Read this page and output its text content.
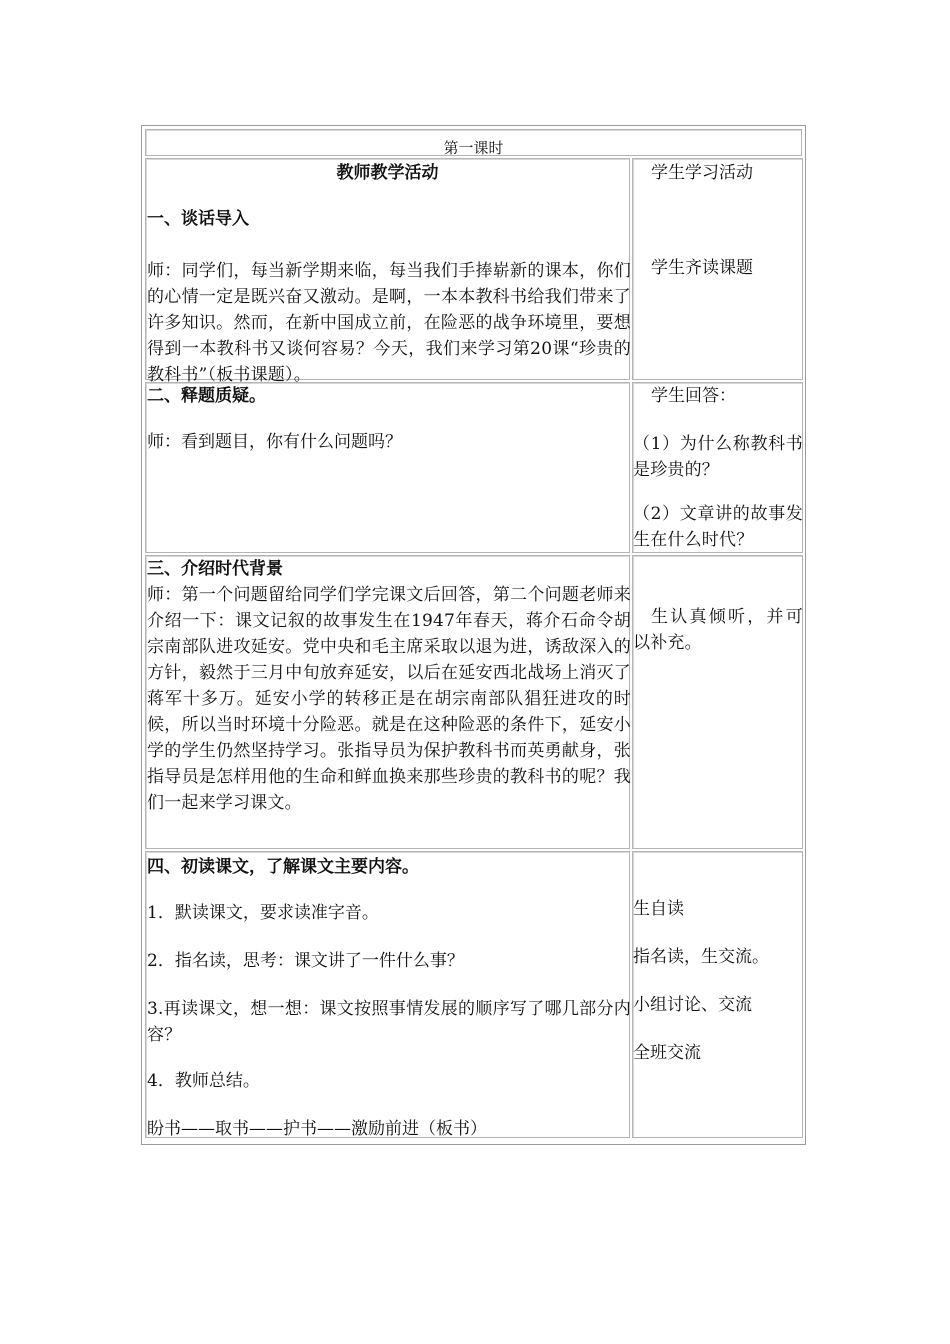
第一课时
教师教学活动
一、谈话导入
师：同学们，每当新学期来临，每当我们手捧崭新的课本，你们的心情一定是既兴奋又激动。是啊，一本本教科书给我们带来了许多知识。然而，在新中国成立前，在险恶的战争环境里，要想得到一本教科书又谈何容易？今天，我们来学习第20课“珍贵的教科书”（板书课题）。
学生学习活动
学生齐读课题
二、释题质疑。
师：看到题目，你有什么问题吗？
学生回答：
（1）为什么称教科书是珍贵的？
（2）文章讲的故事发生在什么时代？
三、介绍时代背景
师：第一个问题留给同学们学完课文后回答，第二个问题老师来介绍一下：课文记叙的故事发生在1947年春天，蒋介石命令胡宗南部队进攻延安。党中央和毛主席采取以退为进，诱敌深入的方针，毅然于三月中旬放弃延安，以后在延安西北战场上消灭了蒋军十多万。延安小学的转移正是在胡宗南部队猖狂进攻的时候，所以当时环境十分险恶。就是在这种险恶的条件下，延安小学的学生仍然坚持学习。张指导员为保护教科书而英勇献身，张指导员是怎样用他的生命和鲜血换来那些珍贵的教科书的呢？我们一起来学习课文。
生认真倾听，并可以补充。
四、初读课文，了解课文主要内容。
1．默读课文，要求读准字音。
2．指名读，思考：课文讲了一件什么事？
3.再读课文，想一想：课文按照事情发展的顺序写了哪几部分内容？
4．教师总结。
盼书——取书——护书——激励前进（板书）
生自读
指名读，生交流。
小组讨论、交流
全班交流
